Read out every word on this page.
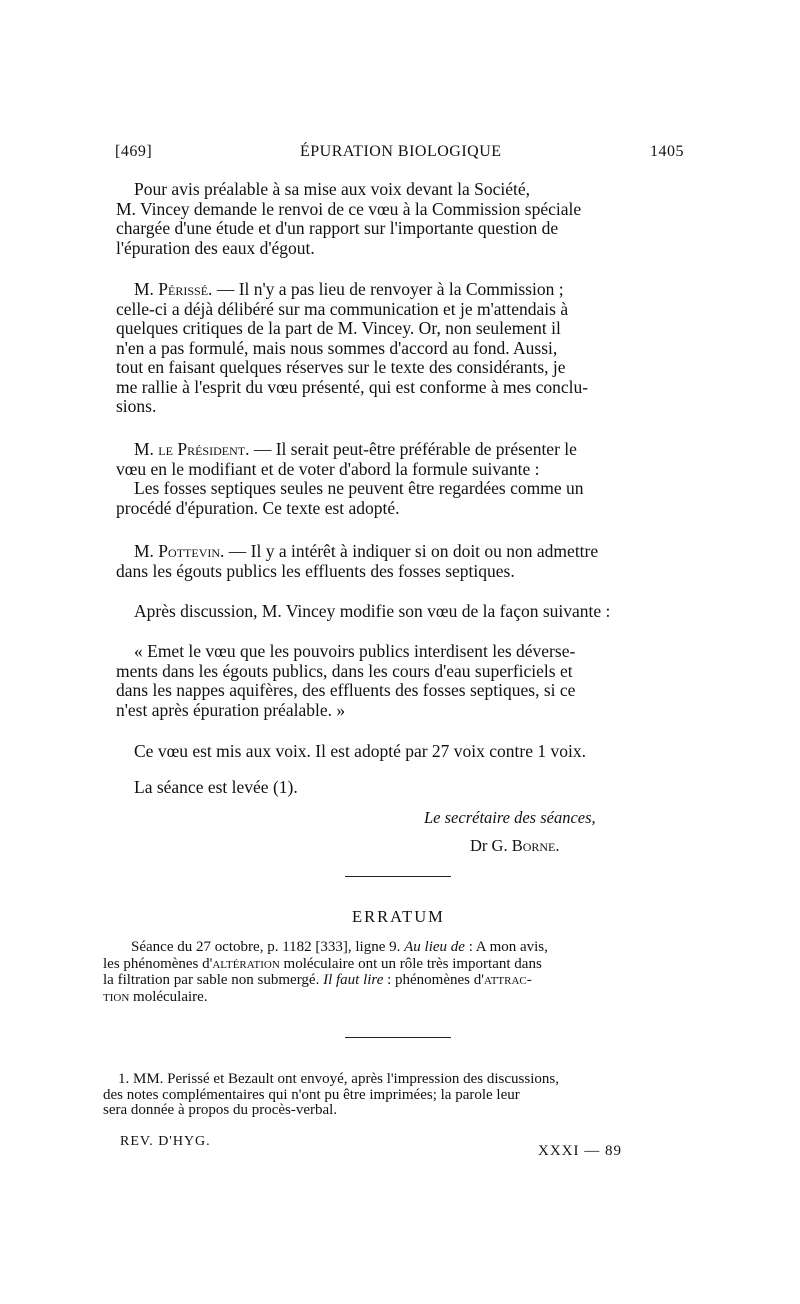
[469]	ÉPURATION BIOLOGIQUE	1405
Pour avis préalable à sa mise aux voix devant la Société,
M. Vincey demande le renvoi de ce vœu à la Commission spéciale
chargée d'une étude et d'un rapport sur l'importante question de
l'épuration des eaux d'égout.
M. Périssé. — Il n'y a pas lieu de renvoyer à la Commission ;
celle-ci a déjà délibéré sur ma communication et je m'attendais à
quelques critiques de la part de M. Vincey. Or, non seulement il
n'en a pas formulé, mais nous sommes d'accord au fond. Aussi,
tout en faisant quelques réserves sur le texte des considérants, je
me rallie à l'esprit du vœu présenté, qui est conforme à mes conclu-
sions.
M. le Président. — Il serait peut-être préférable de présenter le
vœu en le modifiant et de voter d'abord la formule suivante :
Les fosses septiques seules ne peuvent être regardées comme un
procédé d'épuration. Ce texte est adopté.
M. Pottevin. — Il y a intérêt à indiquer si on doit ou non admettre
dans les égouts publics les effluents des fosses septiques.
Après discussion, M. Vincey modifie son vœu de la façon suivante :
« Emet le vœu que les pouvoirs publics interdisent les déverse-
ments dans les égouts publics, dans les cours d'eau superficiels et
dans les nappes aquifères, des effluents des fosses septiques, si ce
n'est après épuration préalable. »
Ce vœu est mis aux voix. Il est adopté par 27 voix contre 1 voix.
La séance est levée (1).
Le secrétaire des séances,
Dr G. Borne.
ERRATUM
Séance du 27 octobre, p. 1182 [333], ligne 9. Au lieu de : A mon avis,
les phénomènes d'altération moléculaire ont un rôle très important dans
la filtration par sable non submergé. Il faut lire : phénomènes d'attrac-
tion moléculaire.
1. MM. Perissé et Bezault ont envoyé, après l'impression des discussions,
des notes complémentaires qui n'ont pu être imprimées; la parole leur
sera donnée à propos du procès-verbal.
REV. D'HYG.
XXXI — 89
